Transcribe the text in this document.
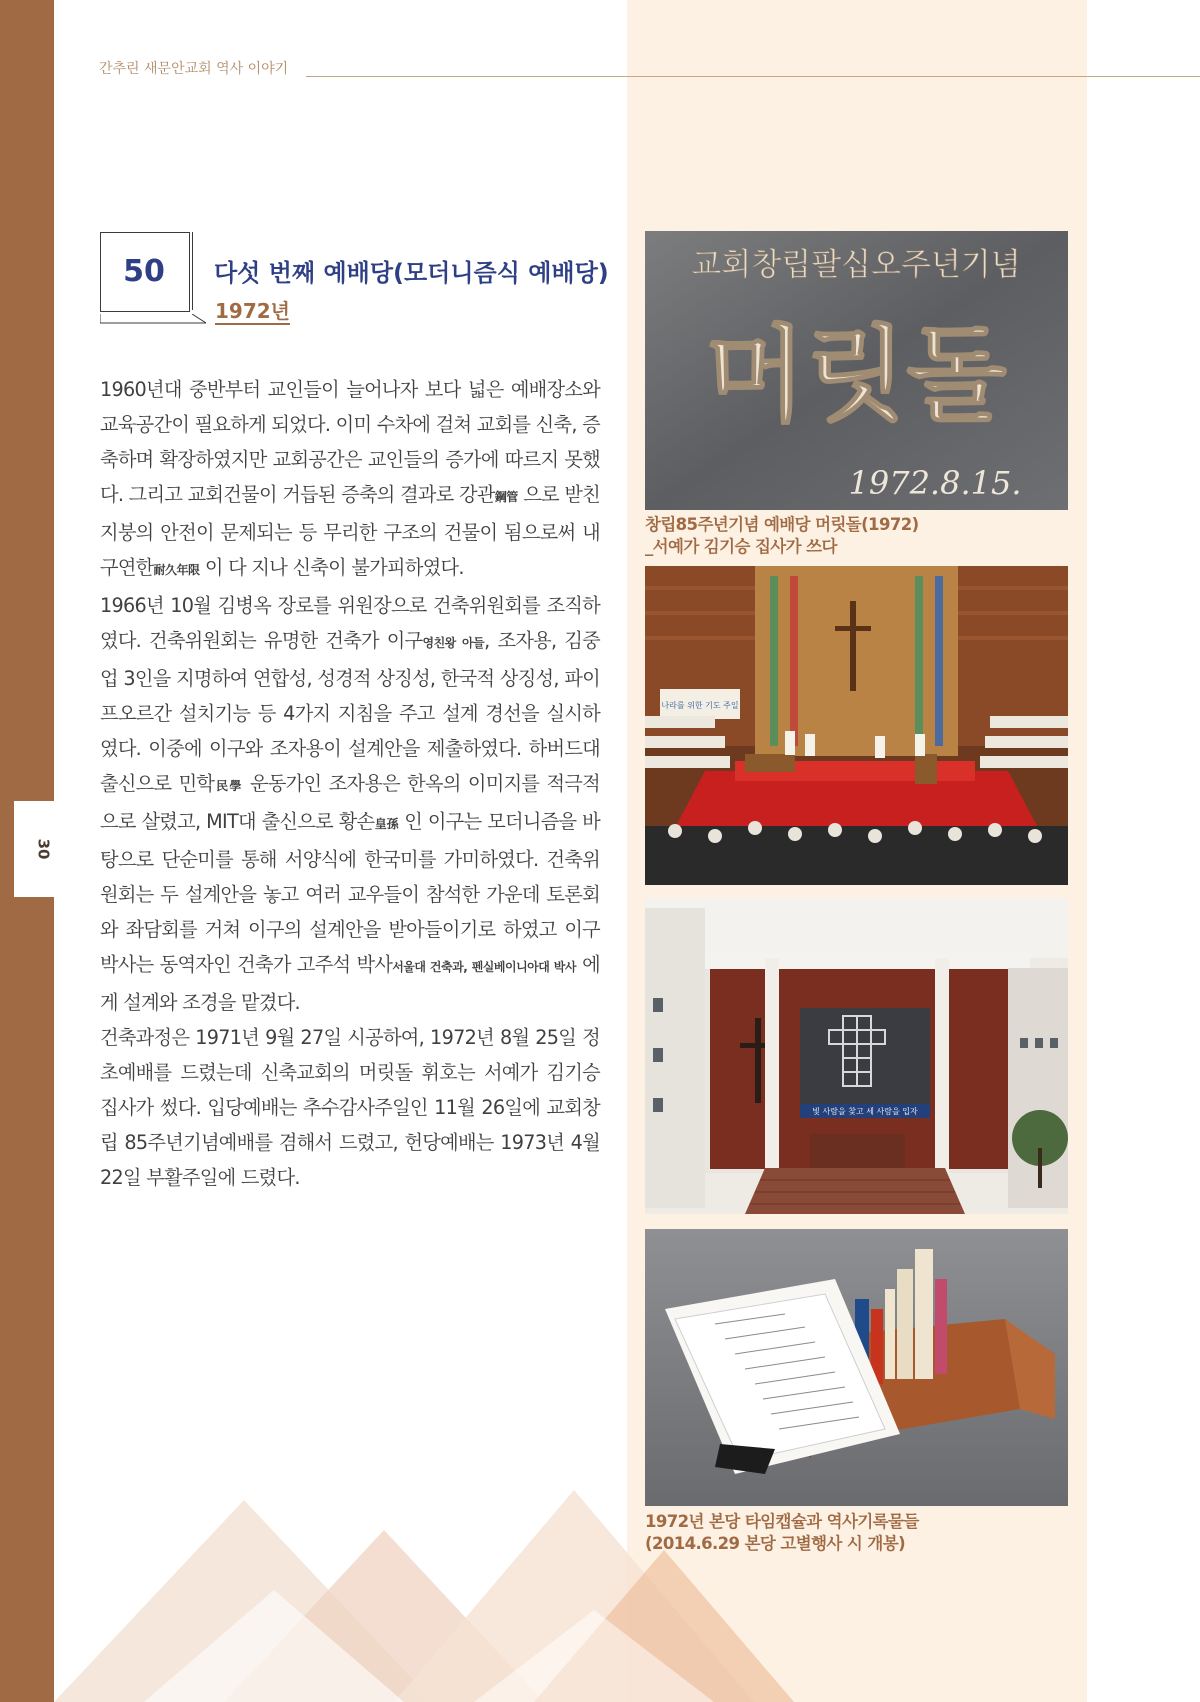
30
간추린 새문안교회 역사 이야기
50	다섯 번째 예배당(모더니즘식 예배당)
1972년

1960년대 중반부터 교인들이 늘어나자 보다 넓은 예배장소와 교육공간이 필요하게 되었다. 이미 수차에 걸쳐 교회를 신축, 증축하며 확장하였지만 교회공간은 교인들의 증가에 따르지 못했다. 그리고 교회건물이 거듭된 증축의 결과로 강관鋼管 으로 받친 지붕의 안전이 문제되는 등 무리한 구조의 건물이 됨으로써 내구연한耐久年限 이 다 지나 신축이 불가피하였다.

1966년 10월 김병옥 장로를 위원장으로 건축위원회를 조직하였다. 건축위원회는 유명한 건축가 이구영친왕 아들, 조자용, 김중업 3인을 지명하여 연합성, 성경적 상징성, 한국적 상징성, 파이프오르간 설치기능 등 4가지 지침을 주고 설계 경선을 실시하였다. 이중에 이구와 조자용이 설계안을 제출하였다. 하버드대 출신으로 민학民學 운동가인 조자용은 한옥의 이미지를 적극적으로 살렸고, MIT대 출신으로 황손皇孫 인 이구는 모더니즘을 바탕으로 단순미를 통해 서양식에 한국미를 가미하였다. 건축위원회는 두 설계안을 놓고 여러 교우들이 참석한 가운데 토론회와 좌담회를 거쳐 이구의 설계안을 받아들이기로 하였고 이구 박사는 동역자인 건축가 고주석 박사서울대 건축과, 펜실베이니아대 박사 에게 설계와 조경을 맡겼다.

건축과정은 1971년 9월 27일 시공하여, 1972년 8월 25일 정초예배를 드렸는데 신축교회의 머릿돌 휘호는 서예가 김기승 집사가 썼다. 입당예배는 추수감사주일인 11월 26일에 교회창립 85주년기념예배를 겸해서 드렸고, 헌당예배는 1973년 4월 22일 부활주일에 드렸다.

교회창립팔십오주년기념
머릿돌
1972.8.15.
창립85주년기념 예배당 머릿돌(1972)
_서예가 김기승 집사가 쓰다
나라를 위한 기도 주일
빛 사람을 찾고 세 사람을 입자
1972년 본당 타임캡슐과 역사기록물들
(2014.6.29 본당 고별행사 시 개봉)
